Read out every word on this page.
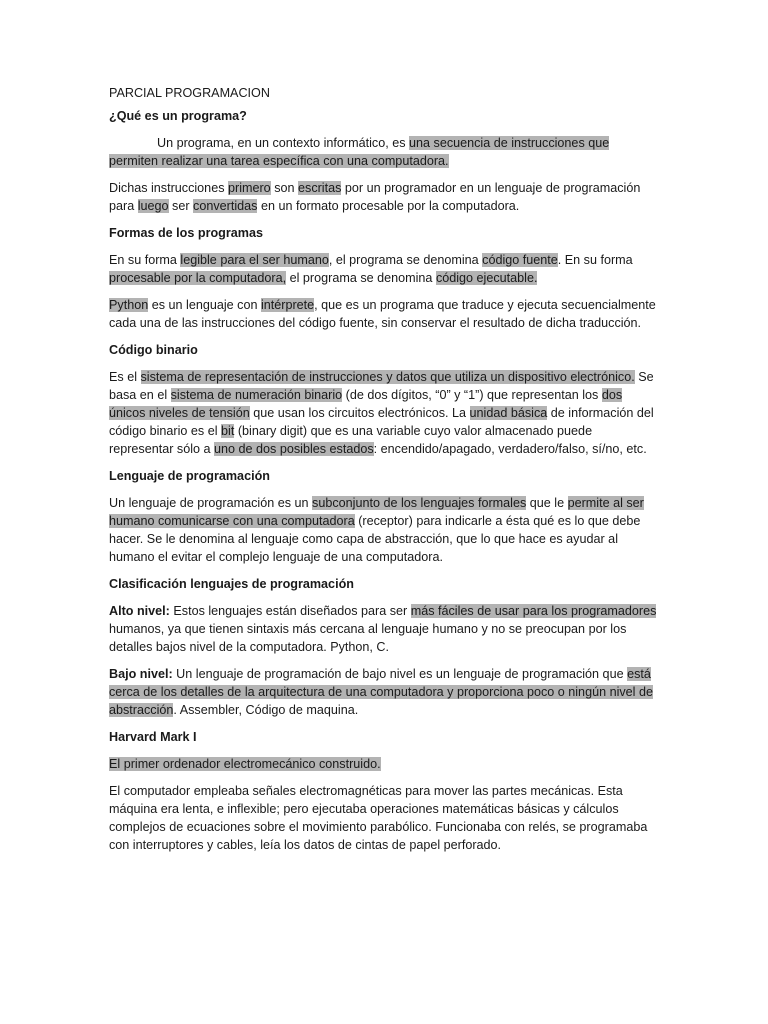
PARCIAL PROGRAMACION
¿Qué es un programa?
Un programa, en un contexto informático, es una secuencia de instrucciones que permiten realizar una tarea específica con una computadora.
Dichas instrucciones primero son escritas por un programador en un lenguaje de programación para luego ser convertidas en un formato procesable por la computadora.
Formas de los programas
En su forma legible para el ser humano, el programa se denomina código fuente. En su forma procesable por la computadora, el programa se denomina código ejecutable.
Python es un lenguaje con intérprete, que es un programa que traduce y ejecuta secuencialmente cada una de las instrucciones del código fuente, sin conservar el resultado de dicha traducción.
Código binario
Es el sistema de representación de instrucciones y datos que utiliza un dispositivo electrónico. Se basa en el sistema de numeración binario (de dos dígitos, “0” y “1”) que representan los dos únicos niveles de tensión que usan los circuitos electrónicos. La unidad básica de información del código binario es el bit (binary digit) que es una variable cuyo valor almacenado puede representar sólo a uno de dos posibles estados: encendido/apagado, verdadero/falso, sí/no, etc.
Lenguaje de programación
Un lenguaje de programación es un subconjunto de los lenguajes formales que le permite al ser humano comunicarse con una computadora (receptor) para indicarle a ésta qué es lo que debe hacer. Se le denomina al lenguaje como capa de abstracción, que lo que hace es ayudar al humano el evitar el complejo lenguaje de una computadora.
Clasificación lenguajes de programación
Alto nivel: Estos lenguajes están diseñados para ser más fáciles de usar para los programadores humanos, ya que tienen sintaxis más cercana al lenguaje humano y no se preocupan por los detalles bajos nivel de la computadora. Python, C.
Bajo nivel: Un lenguaje de programación de bajo nivel es un lenguaje de programación que está cerca de los detalles de la arquitectura de una computadora y proporciona poco o ningún nivel de abstracción. Assembler, Código de maquina.
Harvard Mark I
El primer ordenador electromecánico construido.
El computador empleaba señales electromagnéticas para mover las partes mecánicas. Esta máquina era lenta, e inflexible; pero ejecutaba operaciones matemáticas básicas y cálculos complejos de ecuaciones sobre el movimiento parabólico. Funcionaba con relés, se programaba con interruptores y cables, leía los datos de cintas de papel perforado.
